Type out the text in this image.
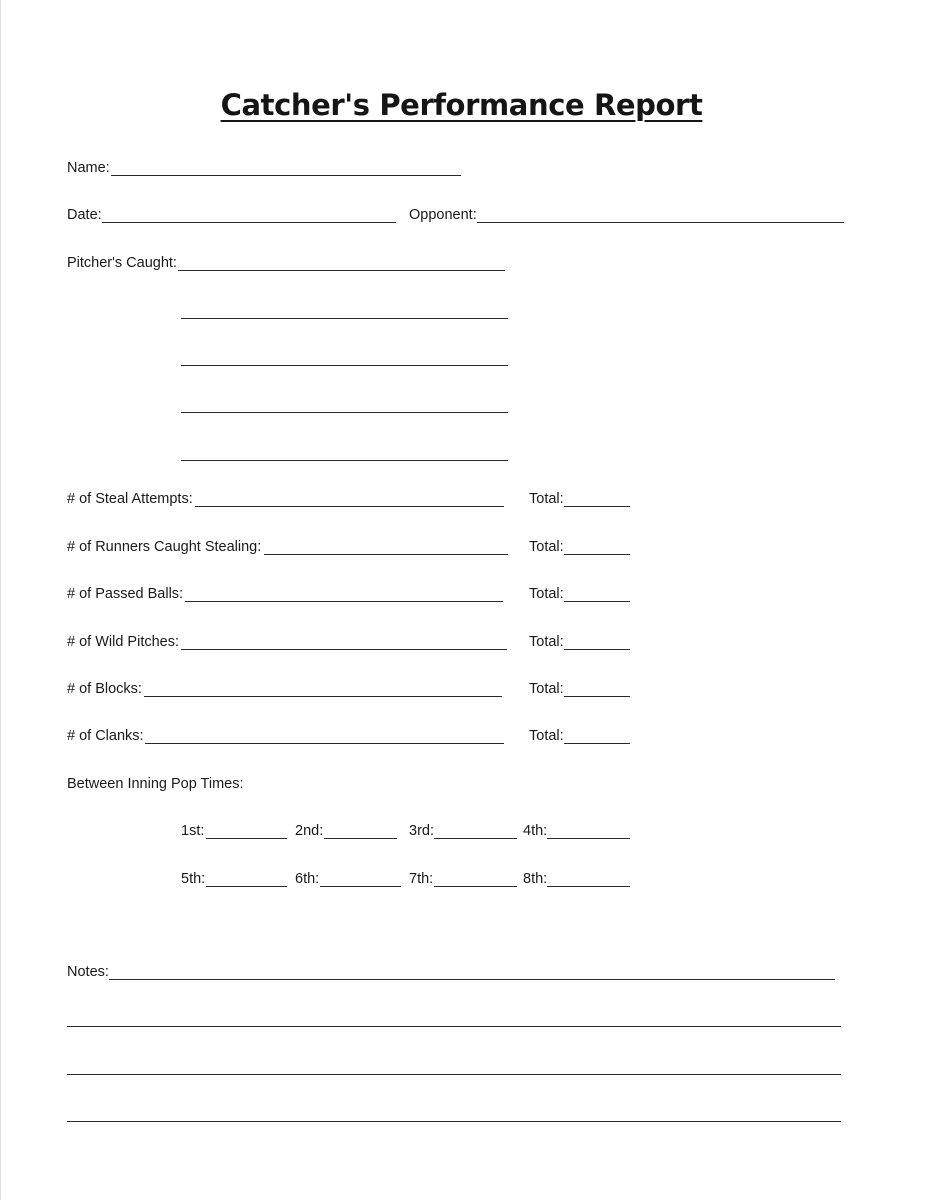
Catcher's Performance Report
Name:
Date:	Opponent:
Pitcher's Caught:
# of Steal Attempts:	Total:
# of Runners Caught Stealing:	Total:
# of Passed Balls:	Total:
# of Wild Pitches:	Total:
# of Blocks:	Total:
# of Clanks:	Total:
Between Inning Pop Times:
1st:	2nd:	3rd:	4th:
5th:	6th:	7th:	8th:
Notes:
